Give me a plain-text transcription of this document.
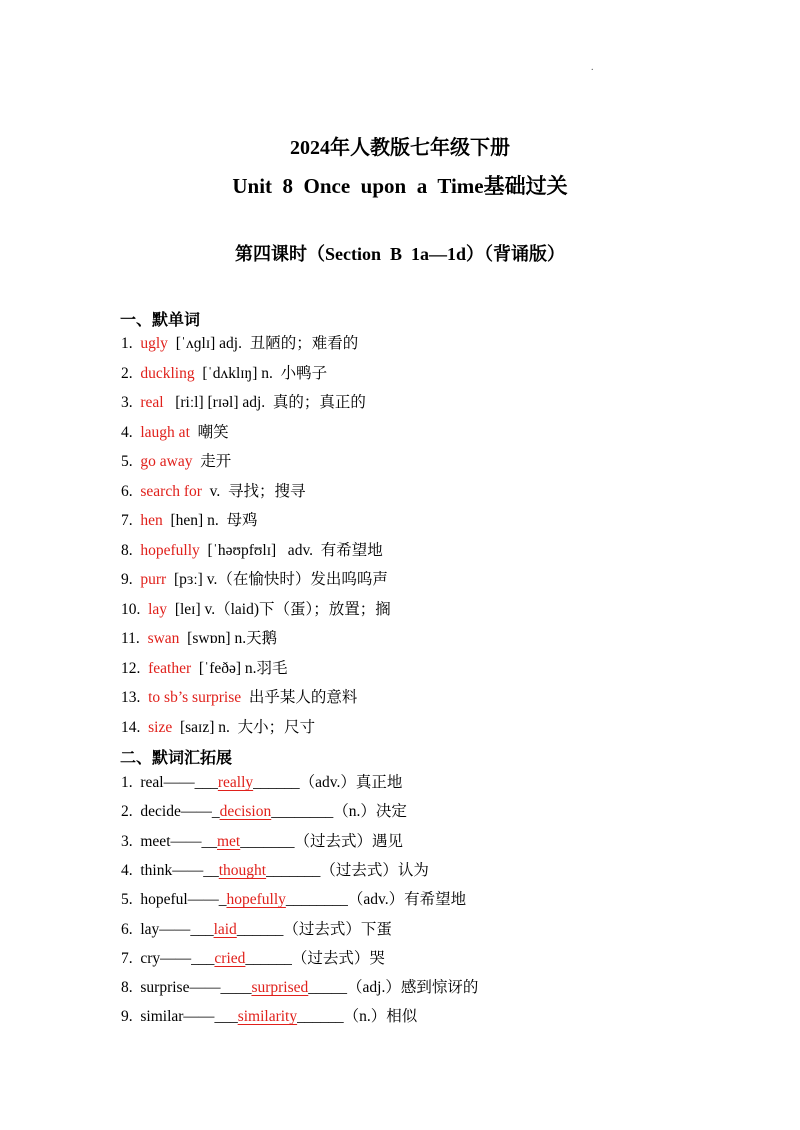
.
2024年人教版七年级下册
Unit  8  Once  upon  a  Time基础过关
第四课时（Section  B  1a—1d）（背诵版）
一、默单词
1. ugly [ˈʌɡlɪ] adj.  丑陋的；难看的
2. duckling [ˈdʌklɪŋ] n.  小鸭子
3. real   [riːl] [rɪəl] adj.  真的；真正的
4. laugh at 嘲笑
5. go away 走开
6. search for v.  寻找；搜寻
7. hen [hen] n.  母鸡
8. hopefully [ˈhəʊpfʊlɪ]   adv.  有希望地
9. purr [pɜː] v.（在愉快时）发出呜呜声
10. lay [leɪ] v.（laid)下（蛋）；放置；搁
11. swan [swɒn] n.天鹅
12. feather [ˈfeðə] n.羽毛
13. to sb’s surprise 出乎某人的意料
14. size [saɪz] n.  大小；尺寸
二、默词汇拓展
1. real——___really______（adv.）真正地
2. decide——_decision________（n.）决定
3. meet——__met_______（过去式）遇见
4. think——__thought_______（过去式）认为
5. hopeful——_hopefully________（adv.）有希望地
6. lay——___laid______（过去式）下蛋
7. cry——___cried______（过去式）哭
8. surprise——____surprised_____（adj.）感到惊讶的
9. similar——___similarity______（n.）相似
